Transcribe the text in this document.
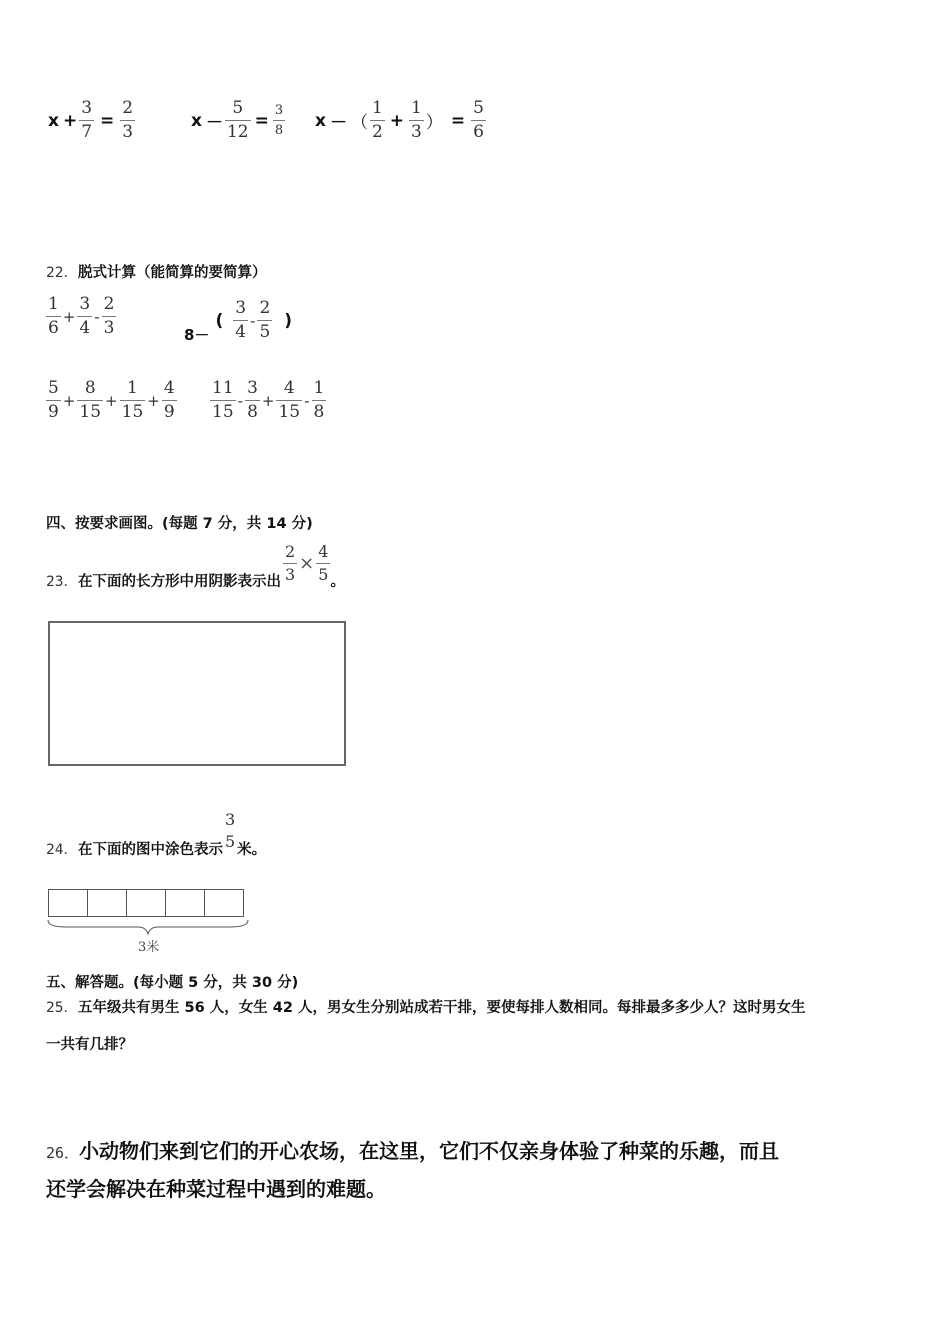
$x + \frac{3}{7} = \frac{2}{3}$	$x - \frac{5}{12} = \frac{3}{8}$ x － （ $\frac{1}{2} + \frac{1}{3}$ ） = $\frac{5}{6}$
22．脱式计算（能简算的要简算）
$\frac{1}{6} + \frac{3}{4} - \frac{2}{3}$	8－
( $\frac{3}{4} - \frac{2}{5}$ )
$\frac{5}{9} + \frac{8}{15} + \frac{1}{15} + \frac{4}{9} \frac{11}{15} - \frac{3}{8} + \frac{4}{15} - \frac{1}{8}$
四、按要求画图。(每题 7 分，共 14 分)
23． 在下面的长方形中用阴影表示出 $\frac{2}{3} \times \frac{4}{5}$ 。
24． 在下面的图中涂色表示
3
5 米。
3米
五、解答题。(每小题 5 分，共 30 分)
25．五年级共有男生 56 人，女生 42 人，男女生分别站成若干排，要使每排人数相同。每排最多多少人？这时男女生
一共有几排？
26．小动物们来到它们的开心农场，在这里，它们不仅亲身体验了种菜的乐趣，而且
还学会解决在种菜过程中遇到的难题。
